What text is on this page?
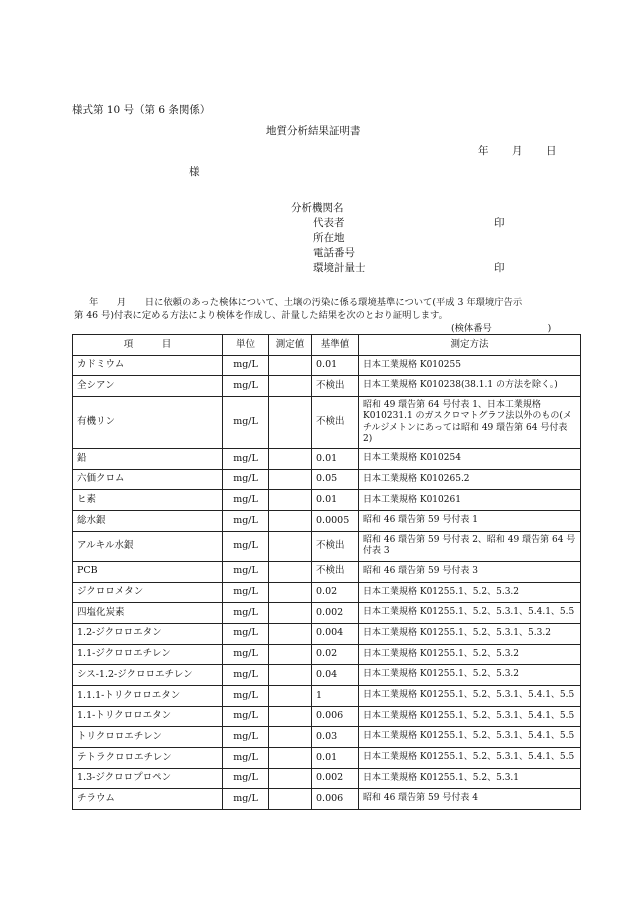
様式第 10 号（第 6 条関係）
地質分析結果証明書
年 月 日
様
分析機関名
代表者	印
所在地
電話番号
環境計量士	印
年　　月　　日に依頼のあった検体について、土壌の汚染に係る環境基準について(平成 3 年環境庁告示
第 46 号)付表に定める方法により検体を作成し、計量した結果を次のとおり証明します。
(検体番号　　　　　　)
項　　　目	単位	測定値	基準値	測定方法
カドミウム	mg/L		0.01	日本工業規格 K010255
全シアン	mg/L		不検出	日本工業規格 K010238(38.1.1 の方法を除く。)
有機リン	mg/L		不検出	昭和 49 環告第 64 号付表 1、日本工業規格 K010231.1 のガスクロマトグラフ法以外のもの(メチルジメトンにあっては昭和 49 環告第 64 号付表 2)
鉛	mg/L		0.01	日本工業規格 K010254
六価クロム	mg/L		0.05	日本工業規格 K010265.2
ヒ素	mg/L		0.01	日本工業規格 K010261
総水銀	mg/L		0.0005	昭和 46 環告第 59 号付表 1
アルキル水銀	mg/L		不検出	昭和 46 環告第 59 号付表 2、昭和 49 環告第 64 号付表 3
PCB	mg/L		不検出	昭和 46 環告第 59 号付表 3
ジクロロメタン	mg/L		0.02	日本工業規格 K01255.1、5.2、5.3.2
四塩化炭素	mg/L		0.002	日本工業規格 K01255.1、5.2、5.3.1、5.4.1、5.5
1.2-ジクロロエタン	mg/L		0.004	日本工業規格 K01255.1、5.2、5.3.1、5.3.2
1.1-ジクロロエチレン	mg/L		0.02	日本工業規格 K01255.1、5.2、5.3.2
シス-1.2-ジクロロエチレン	mg/L		0.04	日本工業規格 K01255.1、5.2、5.3.2
1.1.1-トリクロロエタン	mg/L		1	日本工業規格 K01255.1、5.2、5.3.1、5.4.1、5.5
1.1-トリクロロエタン	mg/L		0.006	日本工業規格 K01255.1、5.2、5.3.1、5.4.1、5.5
トリクロロエチレン	mg/L		0.03	日本工業規格 K01255.1、5.2、5.3.1、5.4.1、5.5
テトラクロロエチレン	mg/L		0.01	日本工業規格 K01255.1、5.2、5.3.1、5.4.1、5.5
1.3-ジクロロプロペン	mg/L		0.002	日本工業規格 K01255.1、5.2、5.3.1
チラウム	mg/L		0.006	昭和 46 環告第 59 号付表 4
